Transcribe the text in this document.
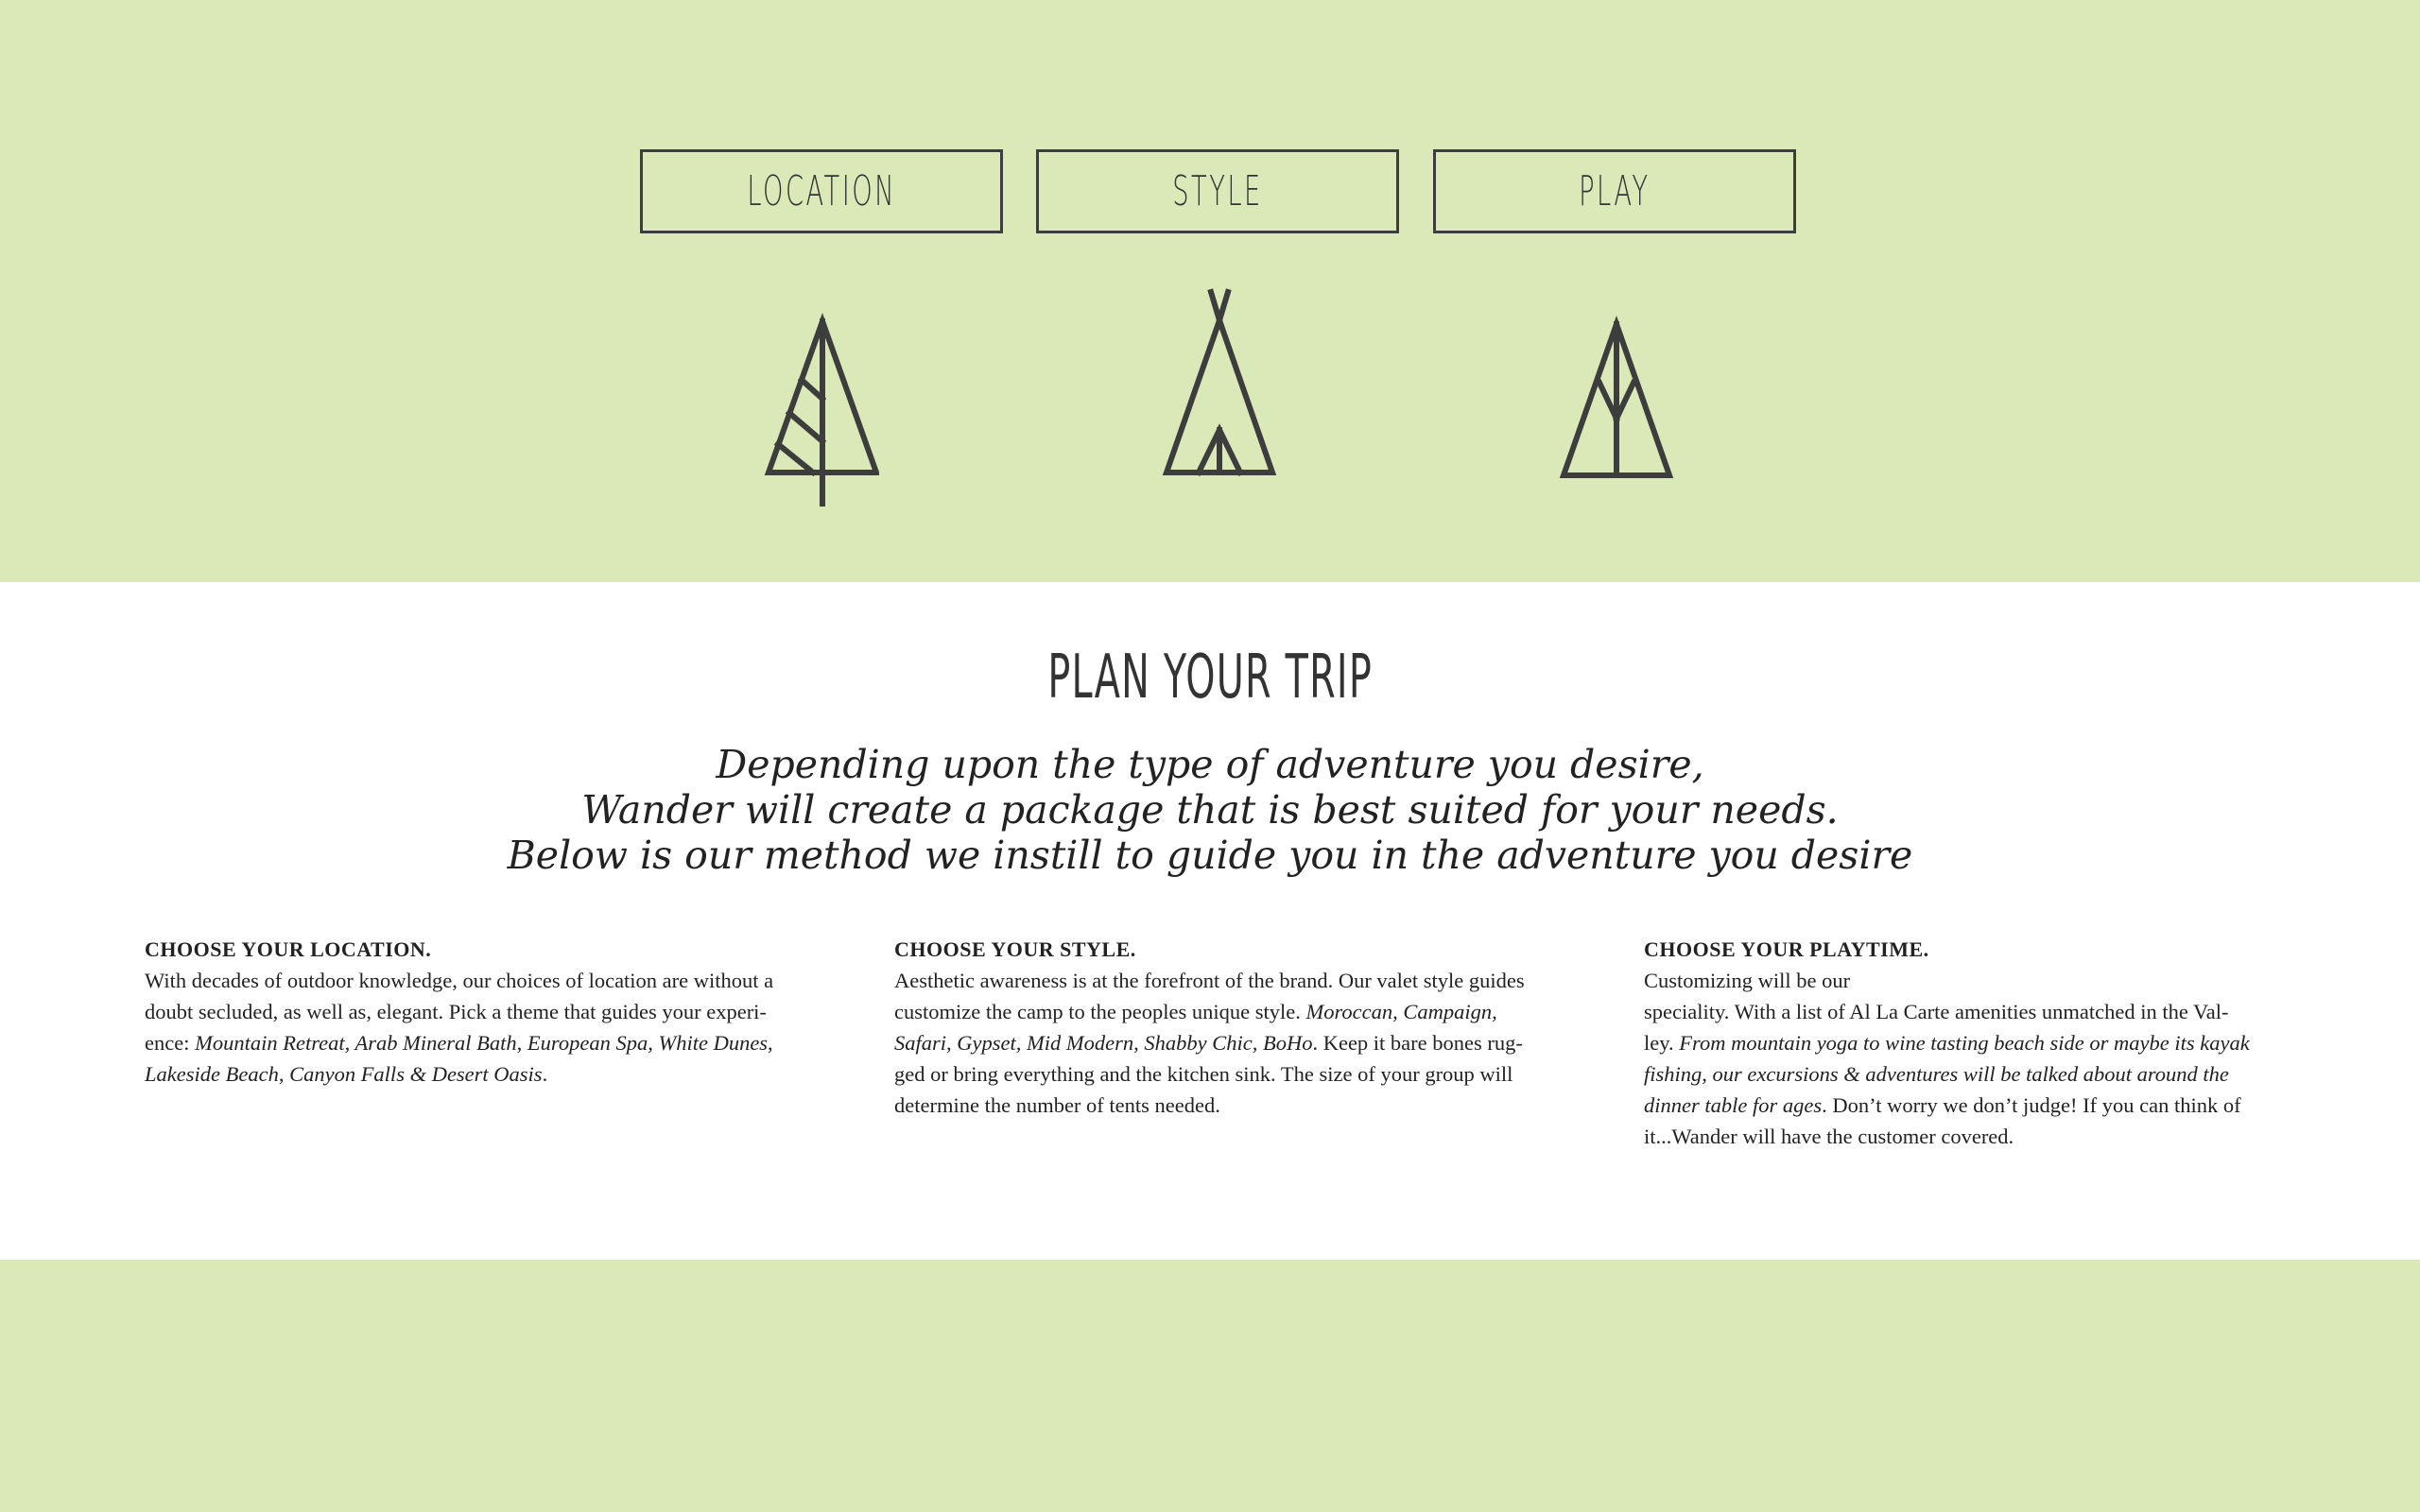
LOCATION	STYLE	PLAY
PLAN YOUR TRIP
Depending upon the type of adventure you desire,
Wander will create a package that is best suited for your needs.
Below is our method we instill to guide you in the adventure you desire
CHOOSE YOUR LOCATION.

With decades of outdoor knowledge, our choices of location are without a
doubt secluded, as well as, elegant. Pick a theme that guides your experi-
ence: Mountain Retreat, Arab Mineral Bath, European Spa, White Dunes,
Lakeside Beach, Canyon Falls & Desert Oasis.

CHOOSE YOUR STYLE.

Aesthetic awareness is at the forefront of the brand. Our valet style guides
customize the camp to the peoples unique style. Moroccan, Campaign,
Safari, Gypset, Mid Modern, Shabby Chic, BoHo. Keep it bare bones rug-
ged or bring everything and the kitchen sink. The size of your group will
determine the number of tents needed.

CHOOSE YOUR PLAYTIME.

Customizing will be our
speciality. With a list of Al La Carte amenities unmatched in the Val-
ley. From mountain yoga to wine tasting beach side or maybe its kayak
fishing, our excursions & adventures will be talked about around the
dinner table for ages. Don’t worry we don’t judge! If you can think of
it...Wander will have the customer covered.
